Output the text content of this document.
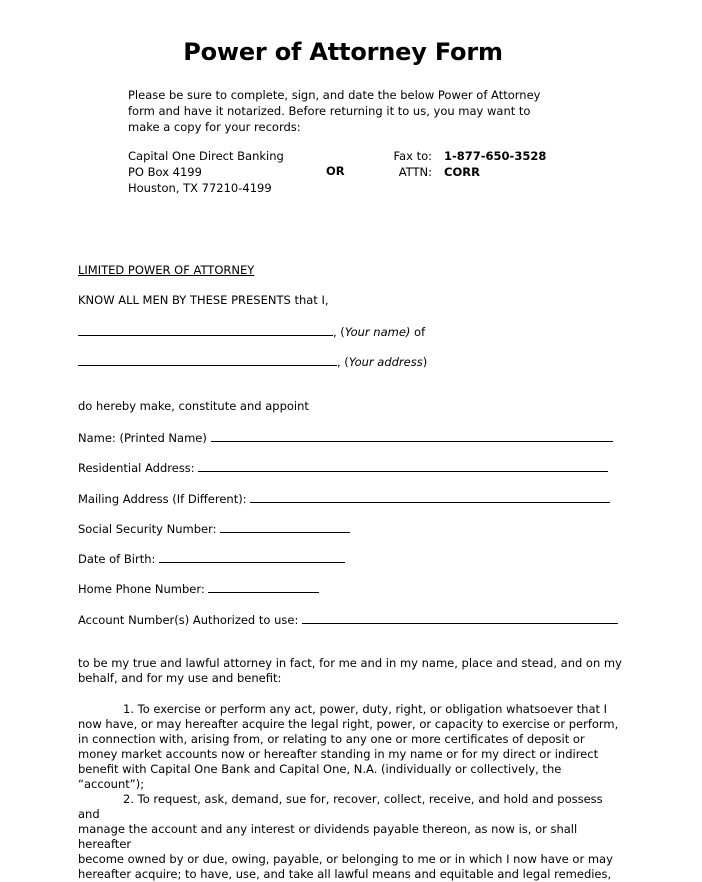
Power of Attorney Form
Please be sure to complete, sign, and date the below Power of Attorney
form and have it notarized. Before returning it to us, you may want to
make a copy for your records:
Capital One Direct Banking
PO Box 4199
Houston, TX 77210-4199
OR
Fax to:
ATTN:
1-877-650-3528
CORR
LIMITED POWER OF ATTORNEY
KNOW ALL MEN BY THESE PRESENTS that I,
, (Your name) of
, (Your address)
do hereby make, constitute and appoint
Name: (Printed Name)
Residential Address:
Mailing Address (If Different):
Social Security Number:
Date of Birth:
Home Phone Number:
Account Number(s) Authorized to use:
to be my true and lawful attorney in fact, for me and in my name, place and stead, and on my
behalf, and for my use and benefit:
1. To exercise or perform any act, power, duty, right, or obligation whatsoever that I
now have, or may hereafter acquire the legal right, power, or capacity to exercise or perform,
in connection with, arising from, or relating to any one or more certificates of deposit or
money market accounts now or hereafter standing in my name or for my direct or indirect
benefit with Capital One Bank and Capital One, N.A. (individually or collectively, the “account”);
2. To request, ask, demand, sue for, recover, collect, receive, and hold and possess and
manage the account and any interest or dividends payable thereon, as now is, or shall hereafter
become owned by or due, owing, payable, or belonging to me or in which I now have or may
hereafter acquire; to have, use, and take all lawful means and equitable and legal remedies,
